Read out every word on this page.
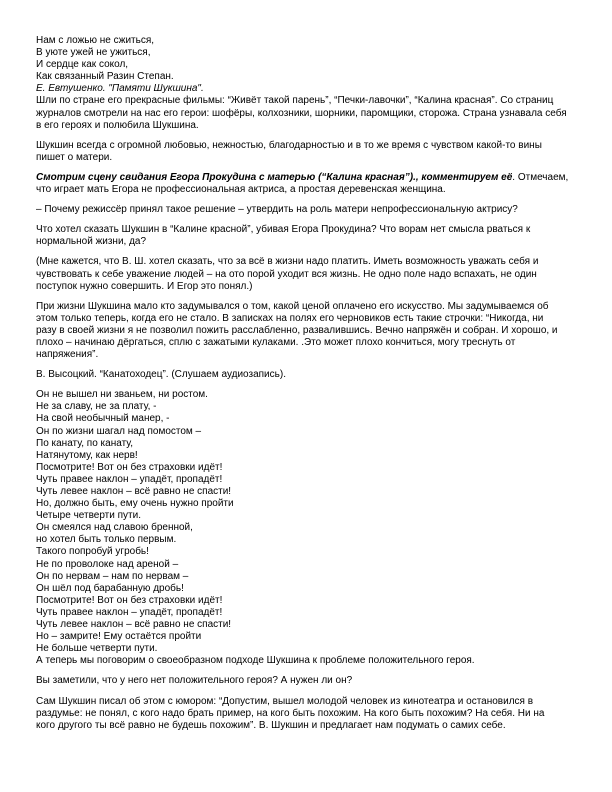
Нам с ложью не сжиться,
В уюте ужей не ужиться,
И сердце как сокол,
Как связанный Разин Степан.
Е. Евтушенко. "Памяти Шукшина".
Шли по стране его прекрасные фильмы: “Живёт такой парень”, “Печки-лавочки”, “Калина красная”. Со страниц
журналов смотрели на нас его герои: шофёры, колхозники, шорники, паромщики, сторожа. Страна узнавала себя
в его героях и полюбила Шукшина.
Шукшин всегда с огромной любовью, нежностью, благодарностью и в то же время с чувством какой-то вины
пишет о матери.
Смотрим сцену свидания Егора Прокудина с матерью (“Калина красная”)., комментируем её. Отмечаем,
что играет мать Егора не профессиональная актриса, а простая деревенская женщина.
– Почему режиссёр принял такое решение – утвердить на роль матери непрофессиональную актрису?
Что хотел сказать Шукшин в “Калине красной”, убивая Егора Прокудина? Что ворам нет смысла рваться к
нормальной жизни, да?
(Мне кажется, что В. Ш. хотел сказать, что за всё в жизни надо платить. Иметь возможность уважать себя и
чувствовать к себе уважение людей – на ото порой уходит вся жизнь. Не одно поле надо вспахать, не один
поступок нужно совершить. И Егор это понял.)
При жизни Шукшина мало кто задумывался о том, какой ценой оплачено его искусство. Мы задумываемся об
этом только теперь, когда его не стало. В записках на полях его черновиков есть такие строчки: “Никогда, ни
разу в своей жизни я не позволил пожить расслабленно, развалившись. Вечно напряжён и собран. И хорошо, и
плохо – начинаю дёргаться, сплю с зажатыми кулаками. .Это может плохо кончиться, могу треснуть от
напряжения”.
В. Высоцкий. “Канатоходец”. (Слушаем аудиозапись).
Он не вышел ни званьем, ни ростом.
Не за славу, не за плату, -
На свой необычный манер, -
Он по жизни шагал над помостом –
По канату, по канату,
Натянутому, как нерв!
Посмотрите! Вот он без страховки идёт!
Чуть правее наклон – упадёт, пропадёт!
Чуть левее наклон – всё равно не спасти!
Но, должно быть, ему очень нужно пройти
Четыре четверти пути.
Он смеялся над славою бренной,
но хотел быть только первым.
Такого попробуй угробь!
Не по проволоке над ареной –
Он по нервам – нам по нервам –
Он шёл под барабанную дробь!
Посмотрите! Вот он без страховки идёт!
Чуть правее наклон – упадёт, пропадёт!
Чуть левее наклон – всё равно не спасти!
Но – замрите! Ему остаётся пройти
Не больше четверти пути.
А теперь мы поговорим о своеобразном подходе Шукшина к проблеме положительного героя.
Вы заметили, что у него нет положительного героя? А нужен ли он?
Сам Шукшин писал об этом с юмором: “Допустим, вышел молодой человек из кинотеатра и остановился в
раздумье: не понял, с кого надо брать пример, на кого быть похожим. На кого быть похожим? На себя. Ни на
кого другого ты всё равно не будешь похожим”. В. Шукшин и предлагает нам подумать о самих себе.
